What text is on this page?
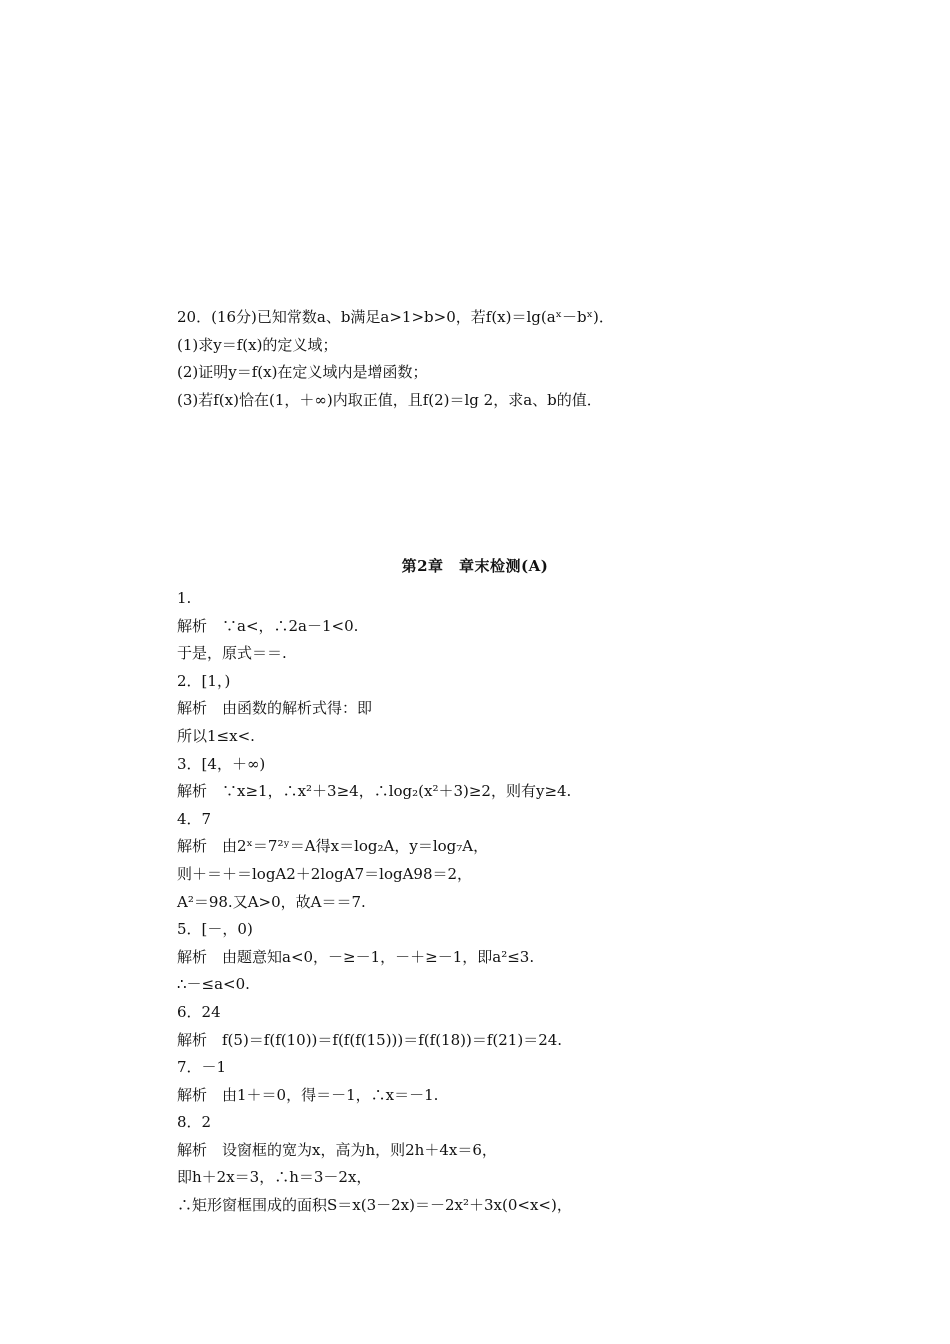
20．(16分)已知常数a、b满足a>1>b>0，若f(x)＝lg(aˣ－bˣ)．
(1)求y＝f(x)的定义域；
(2)证明y＝f(x)在定义域内是增函数；
(3)若f(x)恰在(1，＋∞)内取正值，且f(2)＝lg 2，求a、b的值．
第2章　章末检测(A)
1.
解析　∵a<，∴2a－1<0.
于是，原式＝＝.
2．[1，)
解析　由函数的解析式得：即
所以1≤x<.
3．[4，＋∞)
解析　∵x≥1，∴x²＋3≥4，∴log₂(x²＋3)≥2，则有y≥4.
4．7
解析　由2ˣ＝7²ʸ＝A得x＝log₂A，y＝log₇A，
则＋＝＋＝logA2＋2logA7＝logA98＝2，
A²＝98.又A>0，故A＝＝7.
5．[－，0)
解析　由题意知a<0，－≥－1，－＋≥－1，即a²≤3.
∴－≤a<0.
6．24
解析　f(5)＝f(f(10))＝f(f(f(15)))＝f(f(18))＝f(21)＝24.
7．－1
解析　由1＋＝0，得＝－1，∴x＝－1.
8．2
解析　设窗框的宽为x，高为h，则2h＋4x＝6，
即h＋2x＝3，∴h＝3－2x，
∴矩形窗框围成的面积S＝x(3－2x)＝－2x²＋3x(0<x<)，
